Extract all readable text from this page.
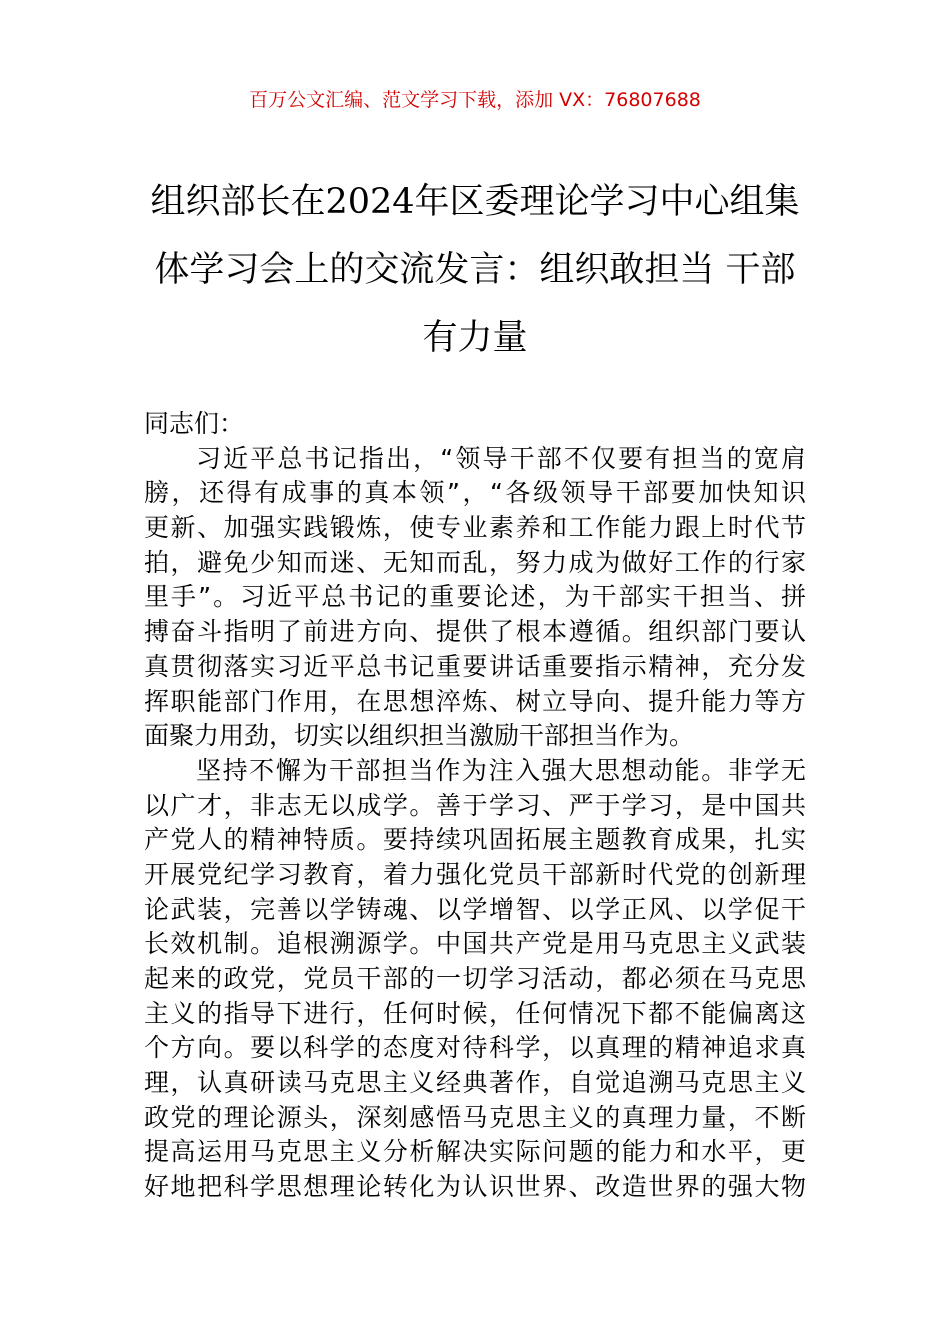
百万公文汇编、范文学习下载，添加 VX：76807688
组织部长在2024年区委理论学习中心组集
体学习会上的交流发言：组织敢担当 干部
有力量
同志们：
习近平总书记指出，“领导干部不仅要有担当的宽肩
膀，还得有成事的真本领”，“各级领导干部要加快知识
更新、加强实践锻炼，使专业素养和工作能力跟上时代节
拍，避免少知而迷、无知而乱，努力成为做好工作的行家
里手”。习近平总书记的重要论述，为干部实干担当、拼
搏奋斗指明了前进方向、提供了根本遵循。组织部门要认
真贯彻落实习近平总书记重要讲话重要指示精神，充分发
挥职能部门作用，在思想淬炼、树立导向、提升能力等方
面聚力用劲，切实以组织担当激励干部担当作为。
坚持不懈为干部担当作为注入强大思想动能。非学无
以广才，非志无以成学。善于学习、严于学习，是中国共
产党人的精神特质。要持续巩固拓展主题教育成果，扎实
开展党纪学习教育，着力强化党员干部新时代党的创新理
论武装，完善以学铸魂、以学增智、以学正风、以学促干
长效机制。追根溯源学。中国共产党是用马克思主义武装
起来的政党，党员干部的一切学习活动，都必须在马克思
主义的指导下进行，任何时候，任何情况下都不能偏离这
个方向。要以科学的态度对待科学，以真理的精神追求真
理，认真研读马克思主义经典著作，自觉追溯马克思主义
政党的理论源头，深刻感悟马克思主义的真理力量，不断
提高运用马克思主义分析解决实际问题的能力和水平，更
好地把科学思想理论转化为认识世界、改造世界的强大物
